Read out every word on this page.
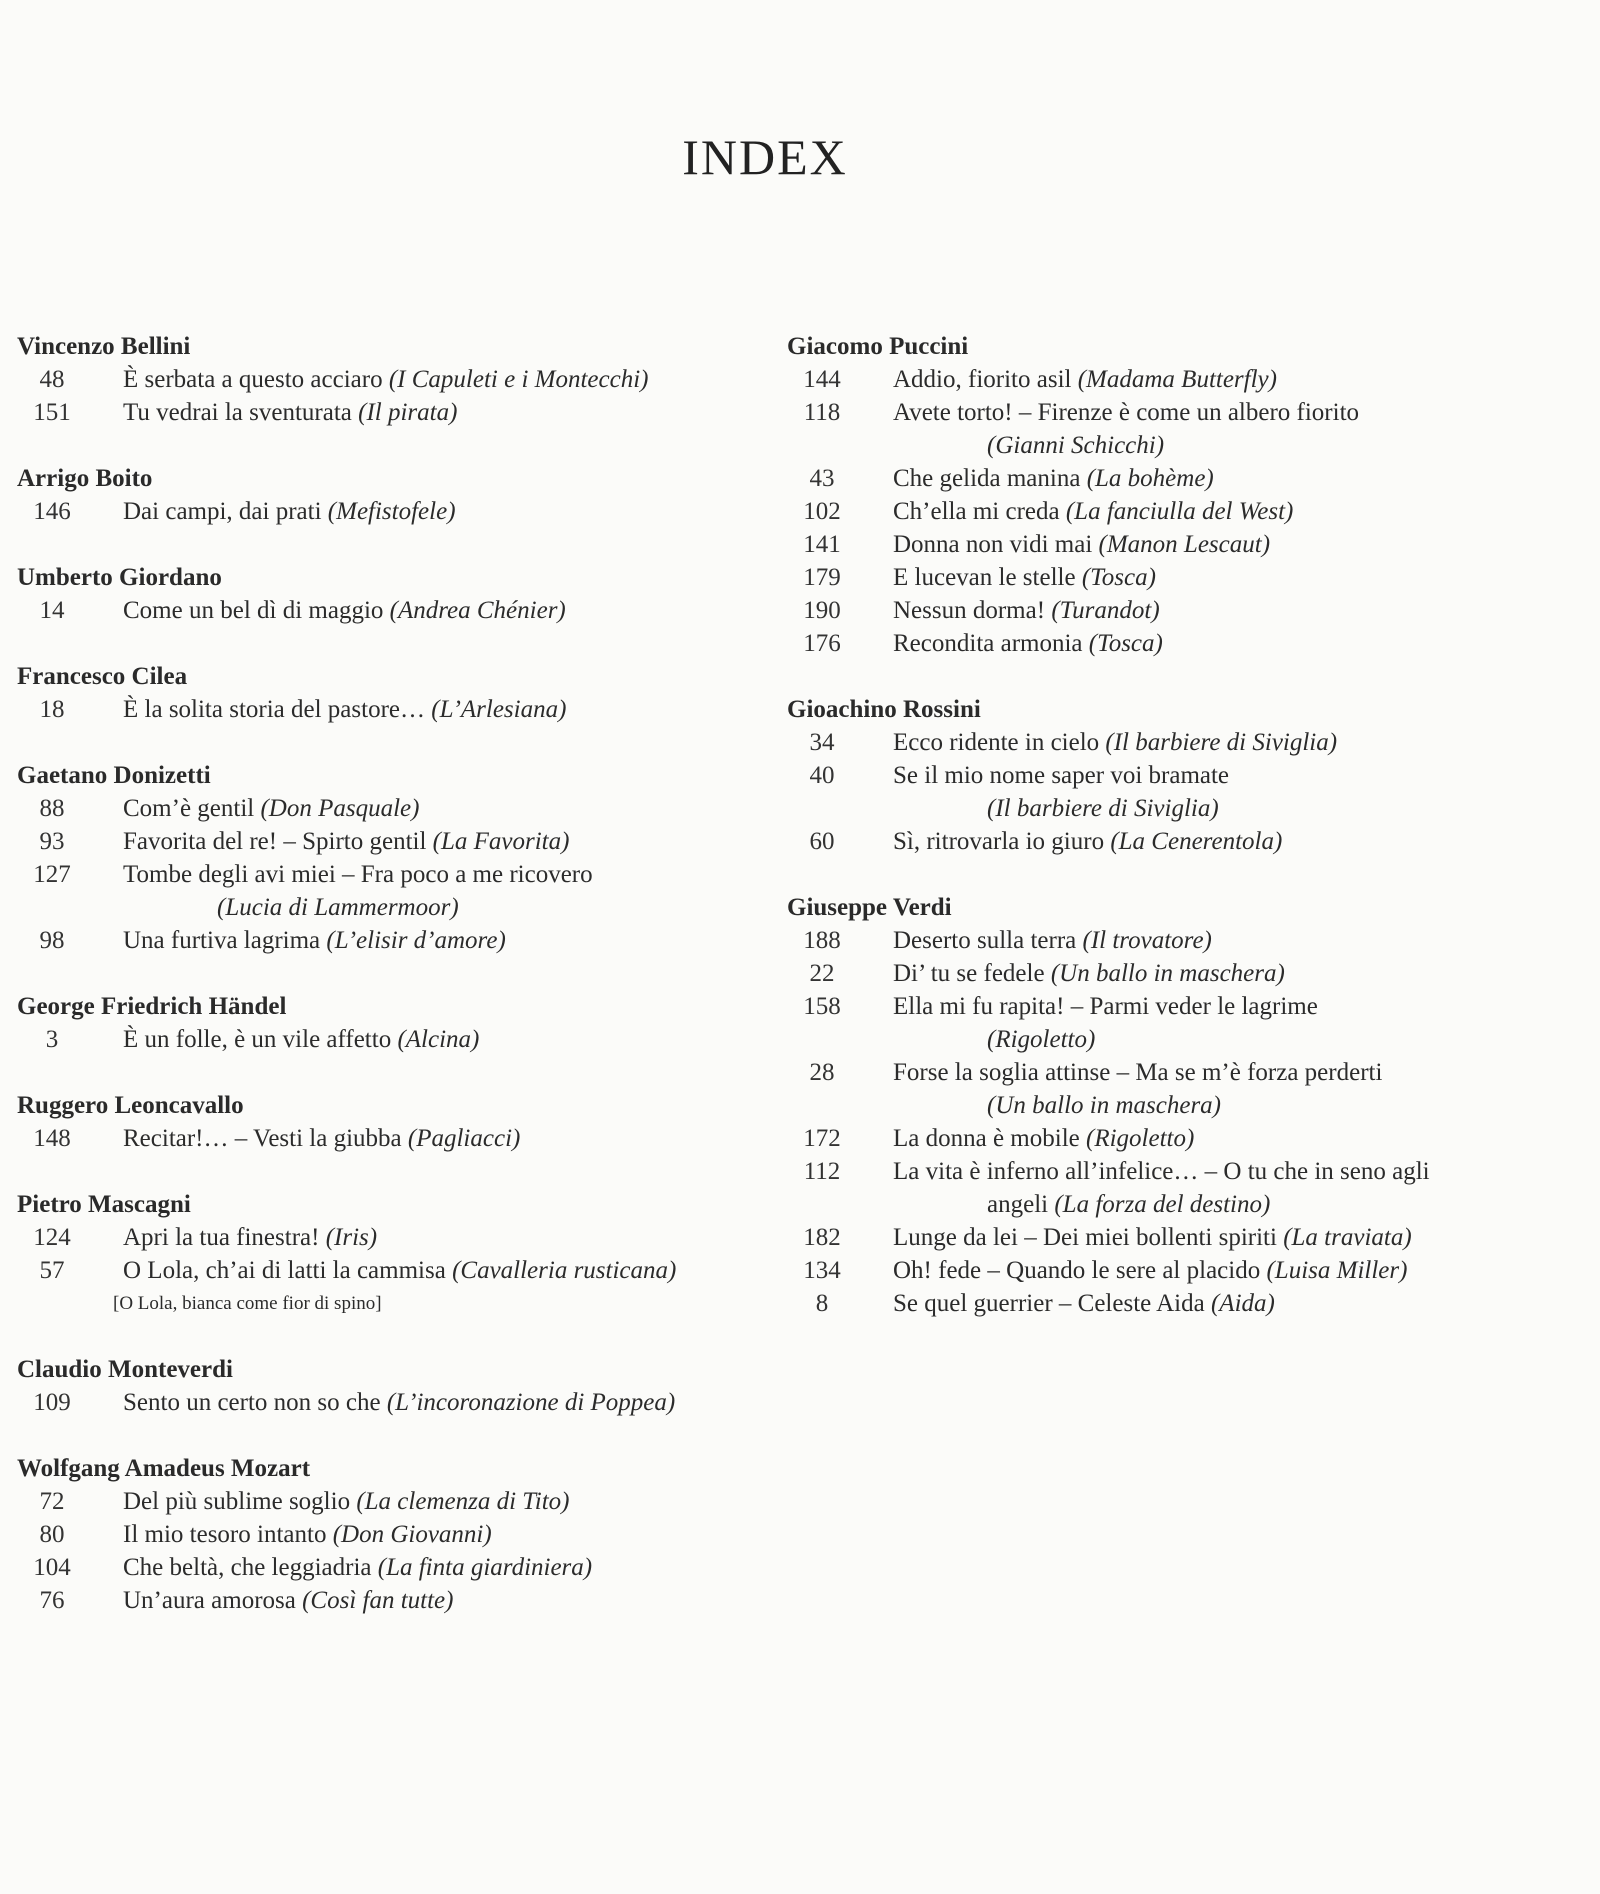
INDEX
Vincenzo Bellini
48	È serbata a questo acciaro (I Capuleti e i Montecchi)
151	Tu vedrai la sventurata (Il pirata)
Arrigo Boito
146	Dai campi, dai prati (Mefistofele)
Umberto Giordano
14	Come un bel dì di maggio (Andrea Chénier)
Francesco Cilea
18	È la solita storia del pastore… (L’Arlesiana)
Gaetano Donizetti
88	Com’è gentil (Don Pasquale)
93	Favorita del re! – Spirto gentil (La Favorita)
127	Tombe degli avi miei – Fra poco a me ricovero
(Lucia di Lammermoor)
98	Una furtiva lagrima (L’elisir d’amore)
George Friedrich Händel
3	È un folle, è un vile affetto (Alcina)
Ruggero Leoncavallo
148	Recitar!… – Vesti la giubba (Pagliacci)
Pietro Mascagni
124	Apri la tua finestra! (Iris)
57	O Lola, ch’ai di latti la cammisa (Cavalleria rusticana)
[O Lola, bianca come fior di spino]
Claudio Monteverdi
109	Sento un certo non so che (L’incoronazione di Poppea)
Wolfgang Amadeus Mozart
72	Del più sublime soglio (La clemenza di Tito)
80	Il mio tesoro intanto (Don Giovanni)
104	Che beltà, che leggiadria (La finta giardiniera)
76	Un’aura amorosa (Così fan tutte)
Giacomo Puccini
144	Addio, fiorito asil (Madama Butterfly)
118	Avete torto! – Firenze è come un albero fiorito
(Gianni Schicchi)
43	Che gelida manina (La bohème)
102	Ch’ella mi creda (La fanciulla del West)
141	Donna non vidi mai (Manon Lescaut)
179	E lucevan le stelle (Tosca)
190	Nessun dorma! (Turandot)
176	Recondita armonia (Tosca)
Gioachino Rossini
34	Ecco ridente in cielo (Il barbiere di Siviglia)
40	Se il mio nome saper voi bramate
(Il barbiere di Siviglia)
60	Sì, ritrovarla io giuro (La Cenerentola)
Giuseppe Verdi
188	Deserto sulla terra (Il trovatore)
22	Di’ tu se fedele (Un ballo in maschera)
158	Ella mi fu rapita! – Parmi veder le lagrime
(Rigoletto)
28	Forse la soglia attinse – Ma se m’è forza perderti
(Un ballo in maschera)
172	La donna è mobile (Rigoletto)
112	La vita è inferno all’infelice… – O tu che in seno agli
angeli (La forza del destino)
182	Lunge da lei – Dei miei bollenti spiriti (La traviata)
134	Oh! fede – Quando le sere al placido (Luisa Miller)
8	Se quel guerrier – Celeste Aida (Aida)
